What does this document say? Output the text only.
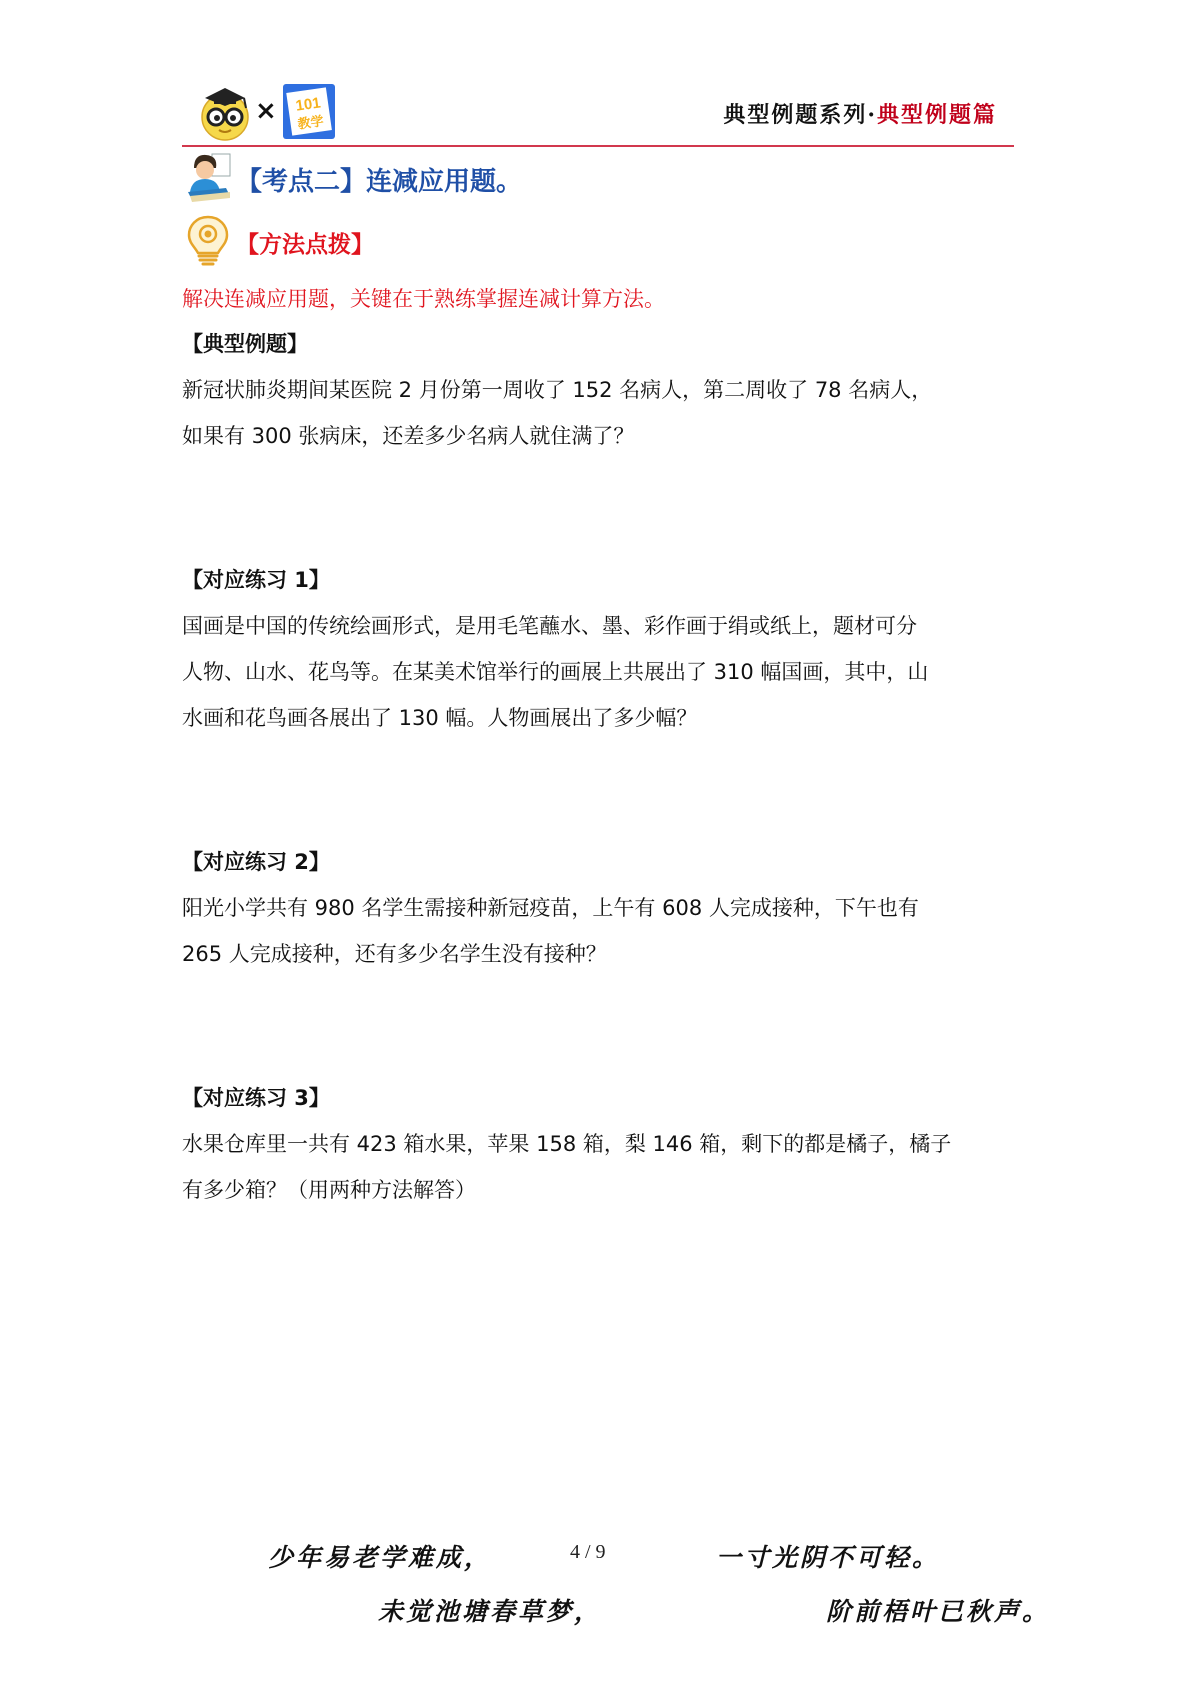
× 101
教学	典型例题系列·典型例题篇
【考点二】连减应用题。
【方法点拨】
解决连减应用题，关键在于熟练掌握连减计算方法。
【典型例题】
新冠状肺炎期间某医院 2 月份第一周收了 152 名病人，第二周收了 78 名病人，
如果有 300 张病床，还差多少名病人就住满了？
【对应练习 1】
国画是中国的传统绘画形式，是用毛笔蘸水、墨、彩作画于绢或纸上，题材可分
人物、山水、花鸟等。在某美术馆举行的画展上共展出了 310 幅国画，其中，山
水画和花鸟画各展出了 130 幅。人物画展出了多少幅？
【对应练习 2】
阳光小学共有 980 名学生需接种新冠疫苗，上午有 608 人完成接种，下午也有
265 人完成接种，还有多少名学生没有接种？
【对应练习 3】
水果仓库里一共有 423 箱水果，苹果 158 箱，梨 146 箱，剩下的都是橘子，橘子
有多少箱？（用两种方法解答）
少年易老学难成，	4 / 9	一寸光阴不可轻。
未觉池塘春草梦，	阶前梧叶已秋声。
